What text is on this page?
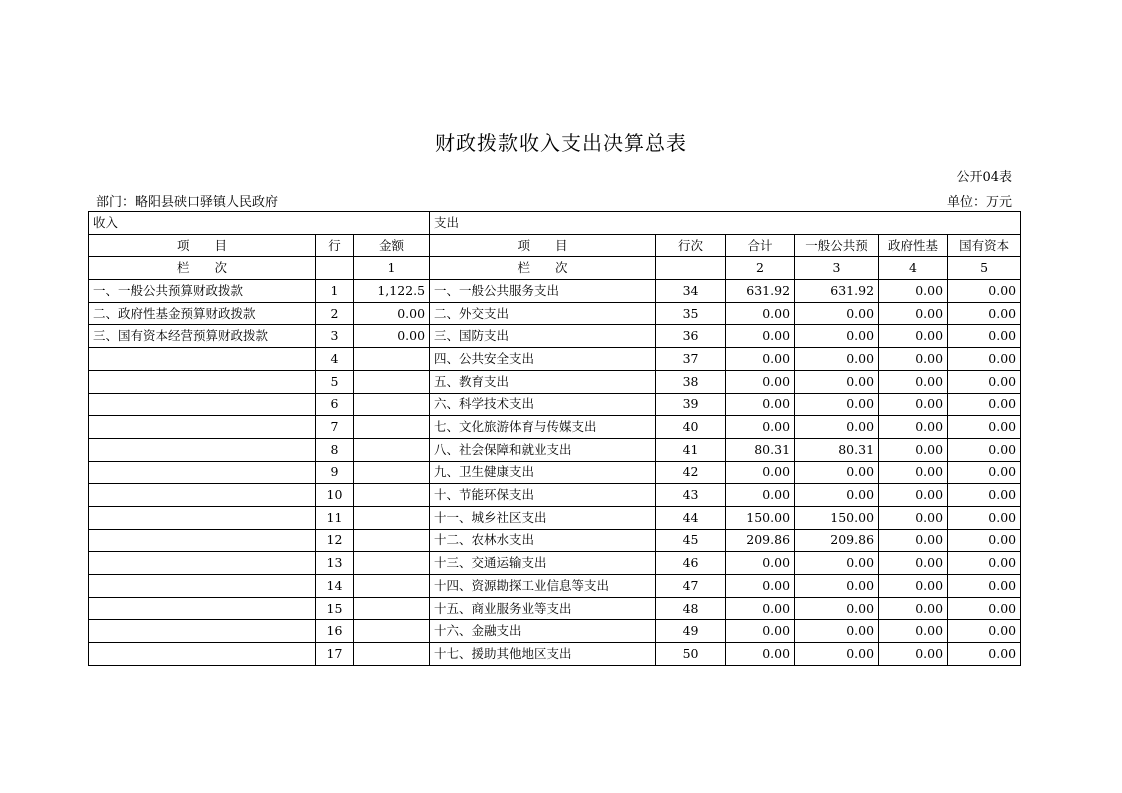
财政拨款收入支出决算总表
公开04表
部门：略阳县硖口驿镇人民政府	单位：万元
收入			支出					
项　　目	行	金额	项　　目	行次	合计	一般公共预	政府性基	国有资本
栏　　次		1	栏　　次		2	3	4	5
一、一般公共预算财政拨款	1	1,122.5	一、一般公共服务支出	34	631.92	631.92	0.00	0.00
二、政府性基金预算财政拨款	2	0.00	二、外交支出	35	0.00	0.00	0.00	0.00
三、国有资本经营预算财政拨款	3	0.00	三、国防支出	36	0.00	0.00	0.00	0.00
	4		四、公共安全支出	37	0.00	0.00	0.00	0.00
	5		五、教育支出	38	0.00	0.00	0.00	0.00
	6		六、科学技术支出	39	0.00	0.00	0.00	0.00
	7		七、文化旅游体育与传媒支出	40	0.00	0.00	0.00	0.00
	8		八、社会保障和就业支出	41	80.31	80.31	0.00	0.00
	9		九、卫生健康支出	42	0.00	0.00	0.00	0.00
	10		十、节能环保支出	43	0.00	0.00	0.00	0.00
	11		十一、城乡社区支出	44	150.00	150.00	0.00	0.00
	12		十二、农林水支出	45	209.86	209.86	0.00	0.00
	13		十三、交通运输支出	46	0.00	0.00	0.00	0.00
	14		十四、资源勘探工业信息等支出	47	0.00	0.00	0.00	0.00
	15		十五、商业服务业等支出	48	0.00	0.00	0.00	0.00
	16		十六、金融支出	49	0.00	0.00	0.00	0.00
	17		十七、援助其他地区支出	50	0.00	0.00	0.00	0.00
